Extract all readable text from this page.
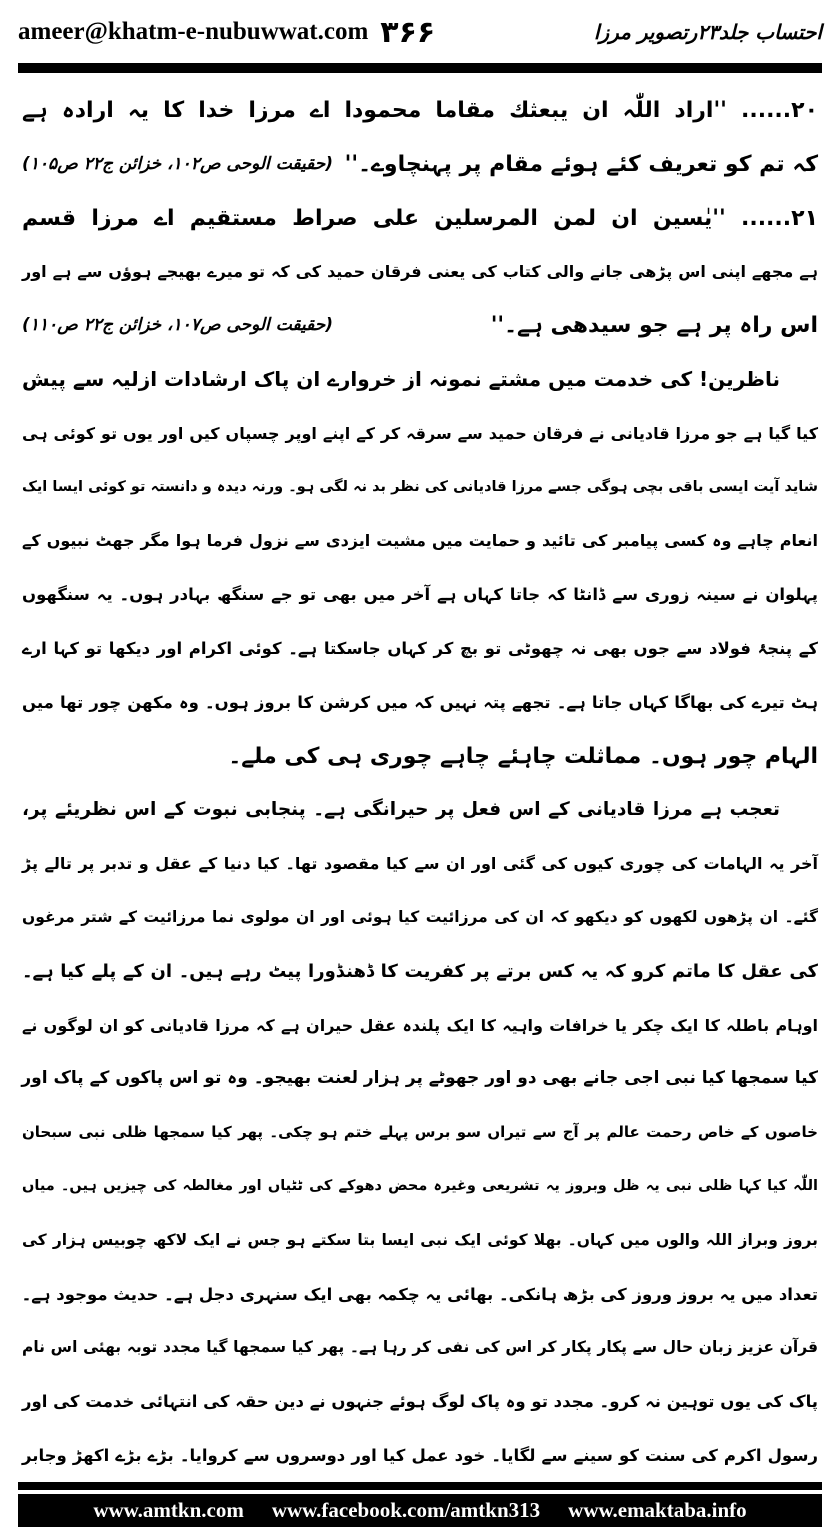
ameer@khatm-e-nubuwwat.com ۳۶۶	احتساب جلد۲۳رتصویر مرزا
۲۰...... ''اراد اللّٰہ ان یبعثك مقاما محمودا اے مرزا خدا کا یہ ارادہ ہے
کہ تم کو تعریف کئے ہوئے مقام پر پہنچاوے۔''
(حقیقت الوحی ص۱۰۲، خزائن ج۲۲ ص۱۰۵)
۲۱...... ''یٰسین ان لمن المرسلین علی صراط مستقیم اے مرزا قسم
ہے مجھے اپنی اس پڑھی جانے والی کتاب کی یعنی فرقان حمید کی کہ تو میرے بھیجے ہوؤں سے ہے اور
اس راہ پر ہے جو سیدھی ہے۔''
(حقیقت الوحی ص۱۰۷، خزائن ج۲۲ ص۱۱۰)
ناظرین! کی خدمت میں مشتے نمونہ از خروارے ان پاک ارشادات ازلیہ سے پیش
کیا گیا ہے جو مرزا قادیانی نے فرقان حمید سے سرقہ کر کے اپنے اوپر چسپاں کیں اور یوں تو کوئی ہی
شاید آیت ایسی باقی بچی ہوگی جسے مرزا قادیانی کی نظر بد نہ لگی ہو۔ ورنہ دیدہ و دانستہ تو کوئی ایسا ایک
انعام چاہے وہ کسی پیامبر کی تائید و حمایت میں مشیت ایزدی سے نزول فرما ہوا مگر جھٹ نبیوں کے
پہلوان نے سینہ زوری سے ڈانٹا کہ جاتا کہاں ہے آخر میں بھی تو جے سنگھ بہادر ہوں۔ یہ سنگھوں
کے پنجۂ فولاد سے جوں بھی نہ چھوٹی تو بچ کر کہاں جاسکتا ہے۔ کوئی اکرام اور دیکھا تو کہا ارے
ہٹ تیرے کی بھاگا کہاں جاتا ہے۔ تجھے پتہ نہیں کہ میں کرشن کا بروز ہوں۔ وہ مکھن چور تھا میں
الہام چور ہوں۔ مماثلت چاہئے چاہے چوری ہی کی ملے۔
تعجب ہے مرزا قادیانی کے اس فعل پر حیرانگی ہے۔ پنجابی نبوت کے اس نظریئے پر،
آخر یہ الہامات کی چوری کیوں کی گئی اور ان سے کیا مقصود تھا۔ کیا دنیا کے عقل و تدبر پر تالے پڑ
گئے۔ ان پڑھوں لکھوں کو دیکھو کہ ان کی مرزائیت کیا ہوئی اور ان مولوی نما مرزائیت کے شتر مرغوں
کی عقل کا ماتم کرو کہ یہ کس برتے پر کفریت کا ڈھنڈورا پیٹ رہے ہیں۔ ان کے پلے کیا ہے۔
اوہام باطلہ کا ایک چکر یا خرافات واہیہ کا ایک پلندہ عقل حیران ہے کہ مرزا قادیانی کو ان لوگوں نے
کیا سمجھا کیا نبی اجی جانے بھی دو اور جھوٹے پر ہزار لعنت بھیجو۔ وہ تو اس پاکوں کے پاک اور
خاصوں کے خاص رحمت عالم پر آج سے تیراں سو برس پہلے ختم ہو چکی۔ پھر کیا سمجھا ظلی نبی سبحان
اللّٰہ کیا کہا ظلی نبی یہ ظل وبروز یہ تشریعی وغیرہ محض دھوکے کی ٹٹیاں اور مغالطہ کی چیزیں ہیں۔ میاں
بروز وبراز اللہ والوں میں کہاں۔ بھلا کوئی ایک نبی ایسا بتا سکتے ہو جس نے ایک لاکھ چوبیس ہزار کی
تعداد میں یہ بروز وروز کی بڑھ ہانکی۔ بھائی یہ چکمہ بھی ایک سنہری دجل ہے۔ حدیث موجود ہے۔
قرآن عزیز زبان حال سے پکار پکار کر اس کی نفی کر رہا ہے۔ پھر کیا سمجھا گیا مجدد توبہ بھئی اس نام
پاک کی یوں توہین نہ کرو۔ مجدد تو وہ پاک لوگ ہوئے جنہوں نے دین حقہ کی انتہائی خدمت کی اور
رسول اکرم کی سنت کو سینے سے لگایا۔ خود عمل کیا اور دوسروں سے کروایا۔ بڑے بڑے اکھڑ وجابر
www.amtkn.com www.facebook.com/amtkn313 www.emaktaba.info
